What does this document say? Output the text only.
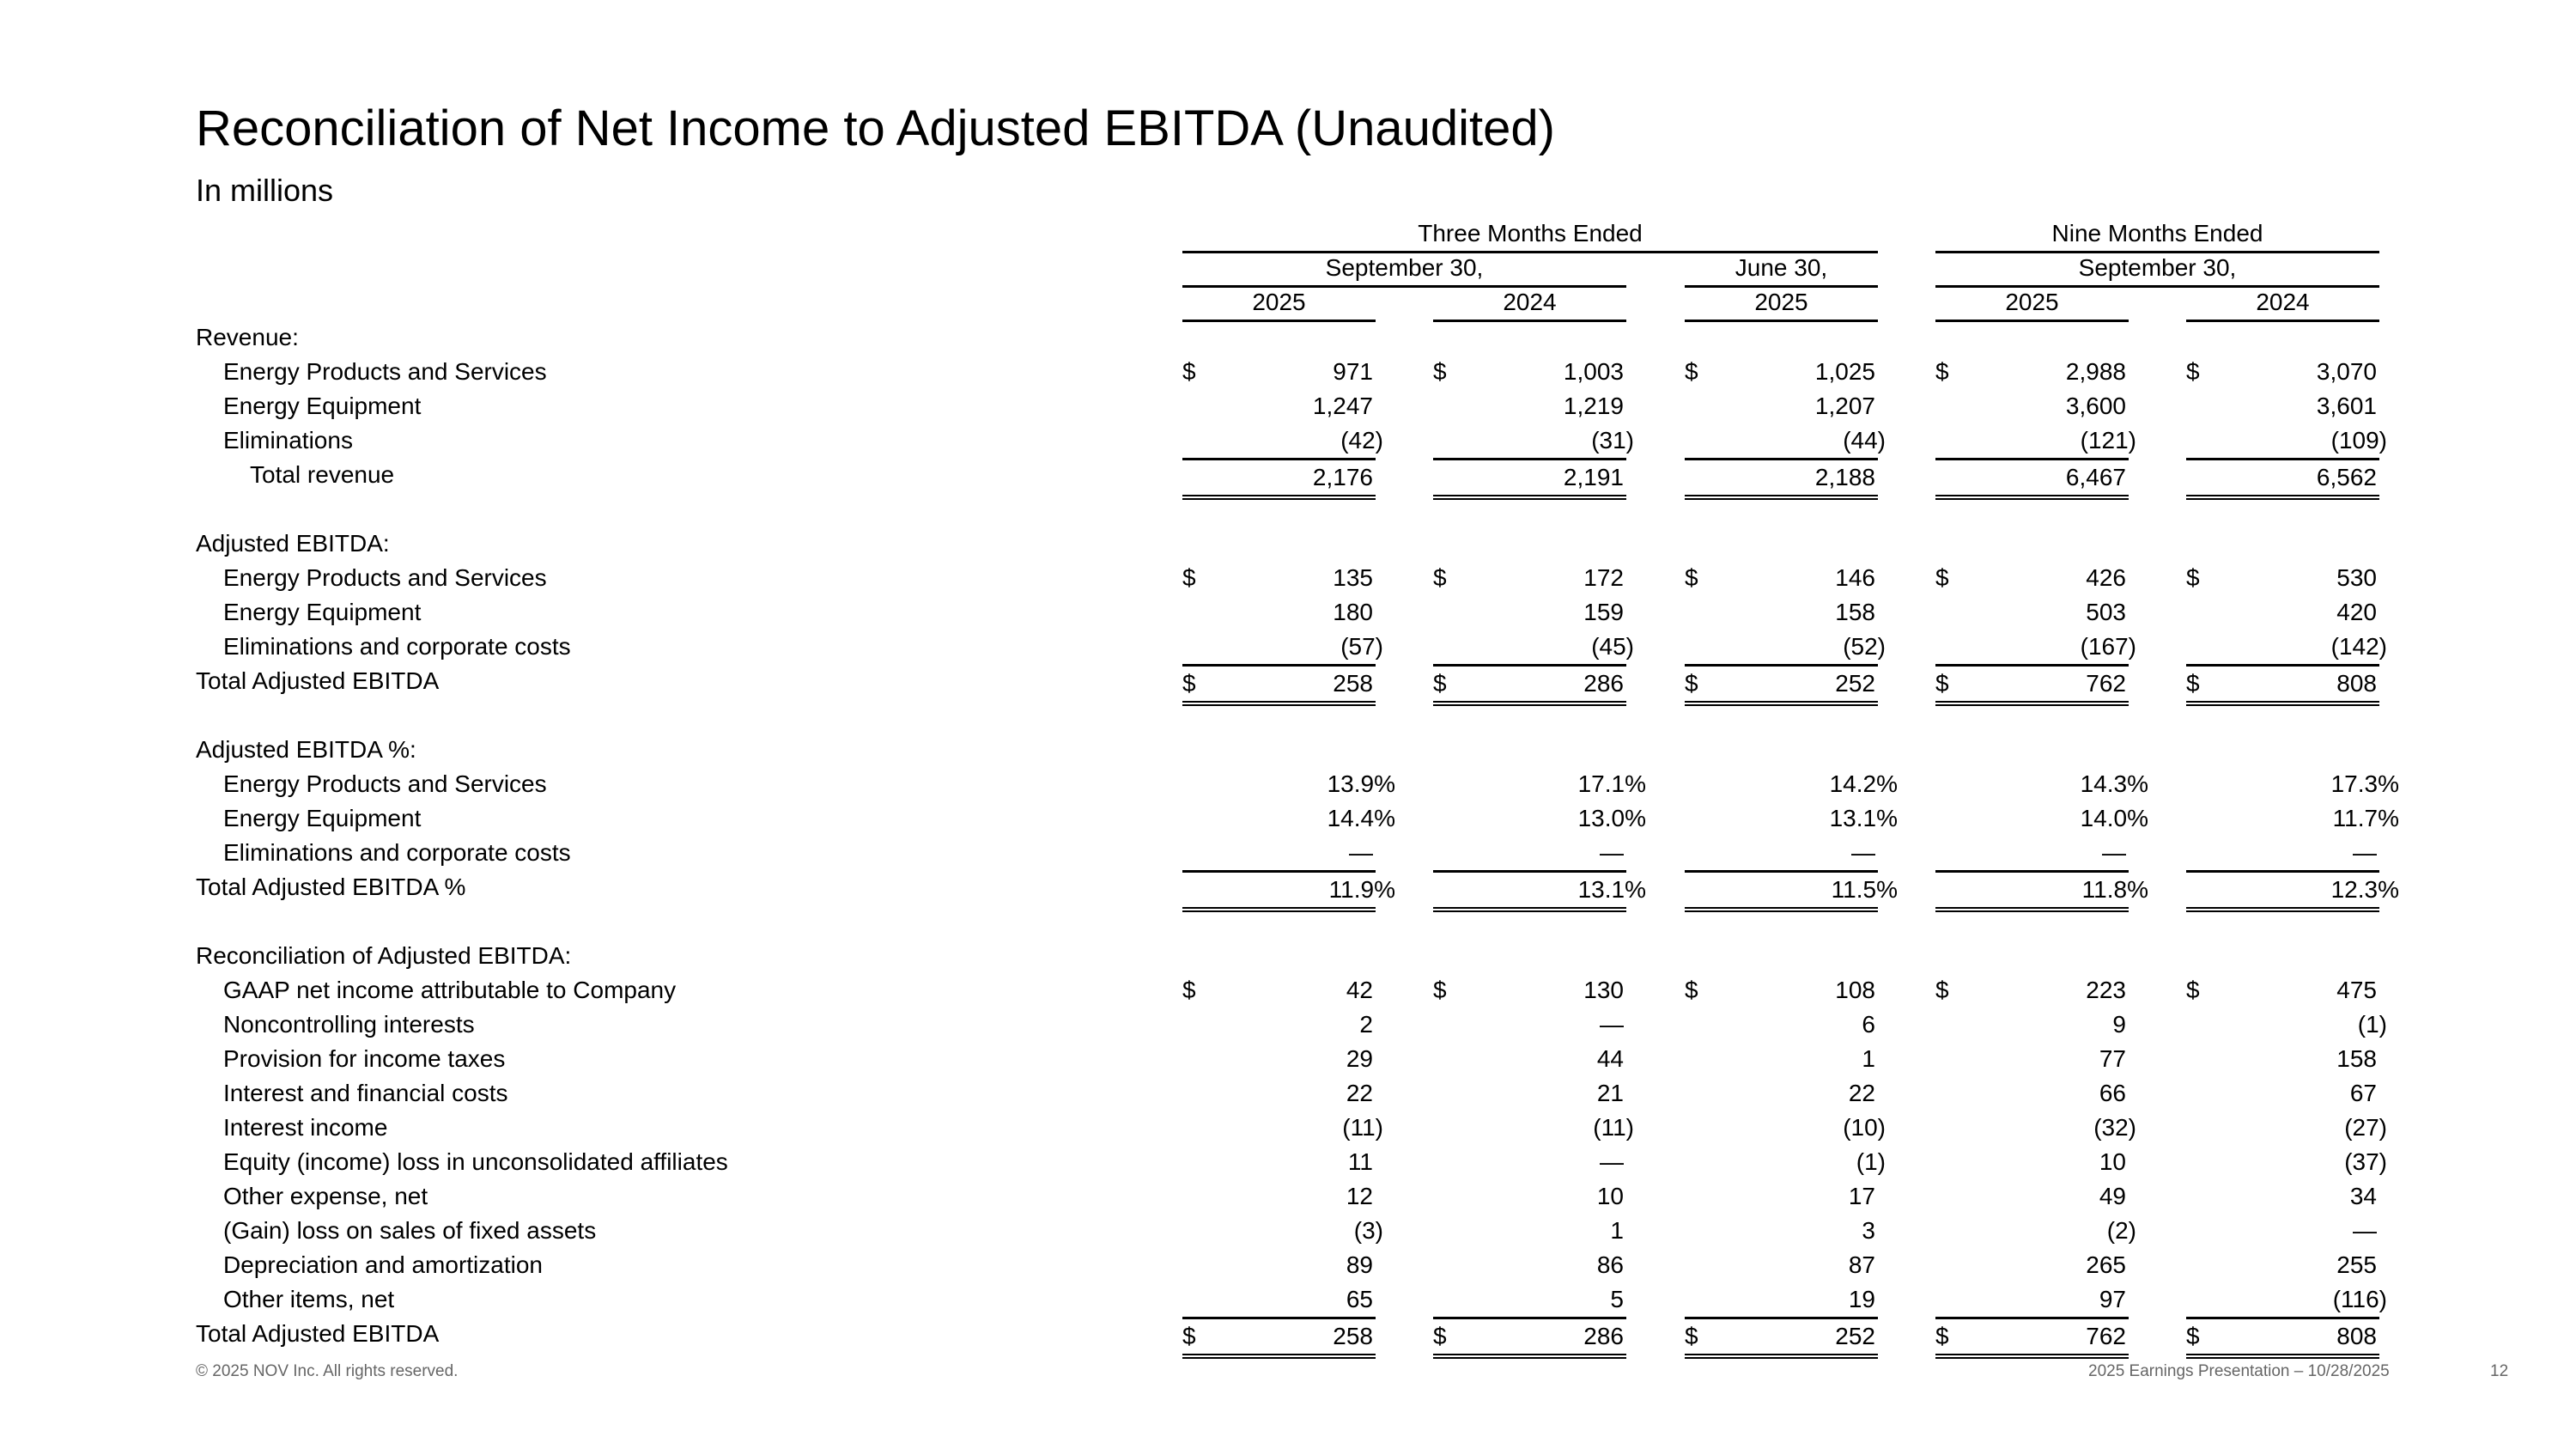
Reconciliation of Net Income to Adjusted EBITDA (Unaudited)
In millions
Three Months Ended	Nine Months Ended
September 30,	June 30,	September 30,
2025	2024	2025	2025	2024
Revenue:
Energy Products and Services	$	971	$	1,003	$	1,025	$	2,988	$	3,070
Energy Equipment	1,247	1,219	1,207	3,600	3,601
Eliminations	(42)	(31)	(44)	(121)	(109)
Total revenue	2,176	2,191	2,188	6,467	6,562
Adjusted EBITDA:
Energy Products and Services	$	135	$	172	$	146	$	426	$	530
Energy Equipment	180	159	158	503	420
Eliminations and corporate costs	(57)	(45)	(52)	(167)	(142)
Total Adjusted EBITDA	$	258	$	286	$	252	$	762	$	808
Adjusted EBITDA %:
Energy Products and Services	13.9%	17.1%	14.2%	14.3%	17.3%
Energy Equipment	14.4%	13.0%	13.1%	14.0%	11.7%
Eliminations and corporate costs	—	—	—	—	—
Total Adjusted EBITDA %	11.9%	13.1%	11.5%	11.8%	12.3%
Reconciliation of Adjusted EBITDA:
GAAP net income attributable to Company	$	42	$	130	$	108	$	223	$	475
Noncontrolling interests	2	—	6	9	(1)
Provision for income taxes	29	44	1	77	158
Interest and financial costs	22	21	22	66	67
Interest income	(11)	(11)	(10)	(32)	(27)
Equity (income) loss in unconsolidated affiliates	11	—	(1)	10	(37)
Other expense, net	12	10	17	49	34
(Gain) loss on sales of fixed assets	(3)	1	3	(2)	—
Depreciation and amortization	89	86	87	265	255
Other items, net	65	5	19	97	(116)
Total Adjusted EBITDA	$	258	$	286	$	252	$	762	$	808
© 2025 NOV Inc. All rights reserved.	2025 Earnings Presentation – 10/28/2025	12
